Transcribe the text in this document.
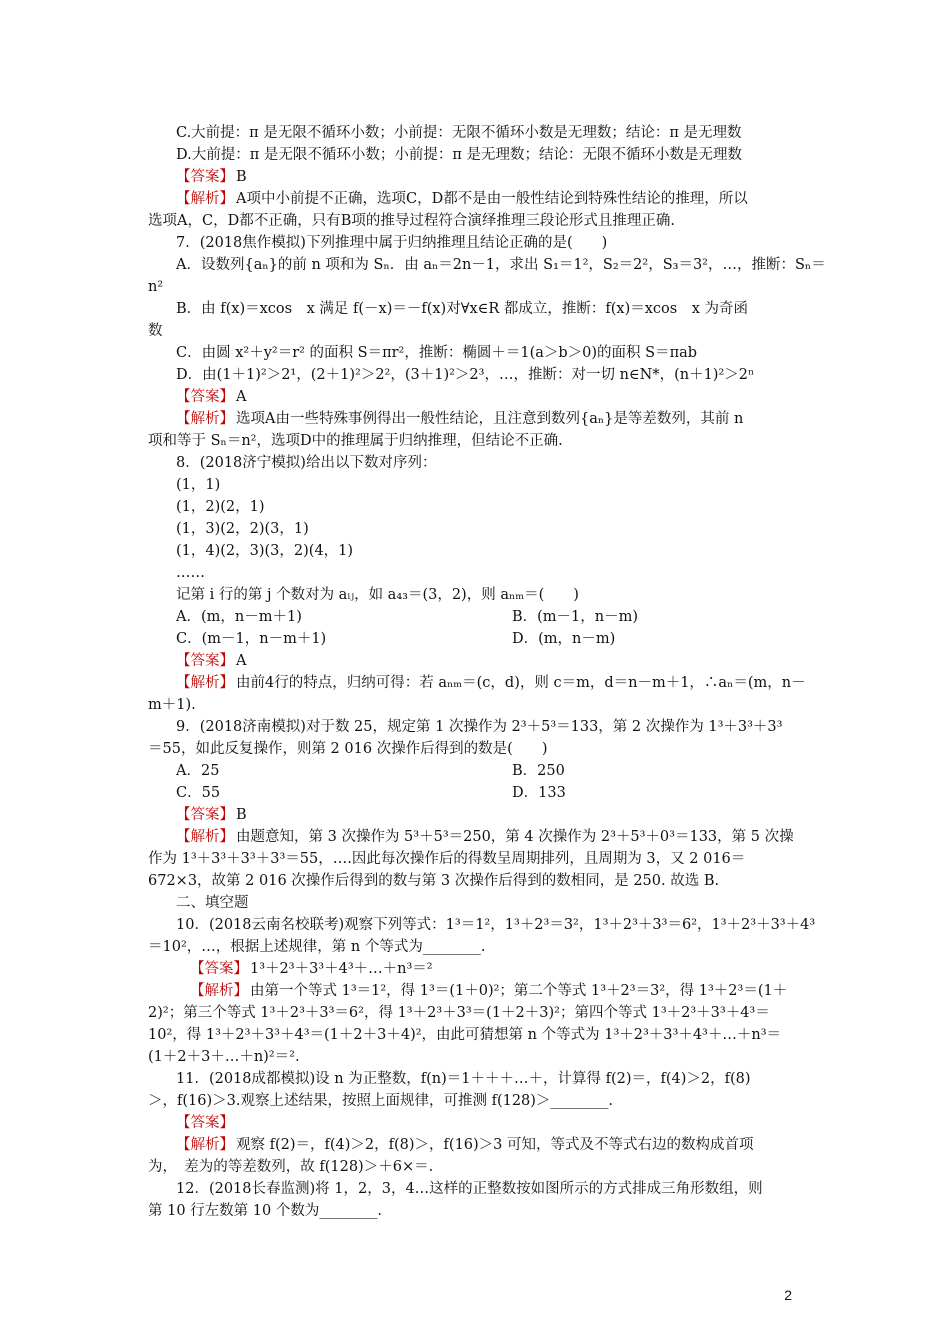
C.大前提：π 是无限不循环小数；小前提：无限不循环小数是无理数；结论：π 是无理数
D.大前提：π 是无限不循环小数；小前提：π 是无理数；结论：无限不循环小数是无理数
【答案】 B
【解析】 A项中小前提不正确，选项C，D都不是由一般性结论到特殊性结论的推理，所以
选项A，C，D都不正确，只有B项的推导过程符合演绎推理三段论形式且推理正确.
7．(2018焦作模拟)下列推理中属于归纳推理且结论正确的是(　　)
A．设数列{aₙ}的前 n 项和为 Sₙ．由 aₙ＝2n－1，求出 S₁＝1²，S₂＝2²，S₃＝3²，…，推断：Sₙ＝
n²
B．由 f(x)＝xcos　x 满足 f(－x)＝－f(x)对∀x∈R 都成立，推断：f(x)＝xcos　x 为奇函
数
C．由圆 x²＋y²＝r² 的面积 S＝πr²，推断：椭圆＋＝1(a＞b＞0)的面积 S＝πab
D．由(1＋1)²＞2¹，(2＋1)²＞2²，(3＋1)²＞2³，…，推断：对一切 n∈N*，(n＋1)²＞2ⁿ
【答案】 A
【解析】 选项A由一些特殊事例得出一般性结论，且注意到数列{aₙ}是等差数列，其前 n
项和等于 Sₙ＝n²，选项D中的推理属于归纳推理，但结论不正确.
8．(2018济宁模拟)给出以下数对序列：
(1，1)
(1，2)(2，1)
(1，3)(2，2)(3，1)
(1，4)(2，3)(3，2)(4，1)
……
记第 i 行的第 j 个数对为 aᵢⱼ，如 a₄₃＝(3，2)，则 aₙₘ＝(　　)
A．(m，n－m＋1)	B．(m－1，n－m)
C．(m－1，n－m＋1)	D．(m，n－m)
【答案】 A
【解析】 由前4行的特点，归纳可得：若 aₙₘ＝(c，d)，则 c＝m，d＝n－m＋1，∴aₙ＝(m，n－
m＋1).
9．(2018济南模拟)对于数 25，规定第 1 次操作为 2³＋5³＝133，第 2 次操作为 1³＋3³＋3³
＝55，如此反复操作，则第 2 016 次操作后得到的数是(　　)
A．25	B．250
C．55	D．133
【答案】 B
【解析】 由题意知，第 3 次操作为 5³＋5³＝250，第 4 次操作为 2³＋5³＋0³＝133，第 5 次操
作为 1³＋3³＋3³＋3³＝55，….因此每次操作后的得数呈周期排列，且周期为 3，又 2 016＝
672×3，故第 2 016 次操作后得到的数与第 3 次操作后得到的数相同，是 250. 故选 B.
二、填空题
10．(2018云南名校联考)观察下列等式：1³＝1²，1³＋2³＝3²，1³＋2³＋3³＝6²，1³＋2³＋3³＋4³
＝10²，…，根据上述规律，第 n 个等式为________.
【答案】 1³＋2³＋3³＋4³＋…＋n³＝²
【解析】 由第一个等式 1³＝1²，得 1³＝(1＋0)²；第二个等式 1³＋2³＝3²，得 1³＋2³＝(1＋
2)²；第三个等式 1³＋2³＋3³＝6²，得 1³＋2³＋3³＝(1＋2＋3)²；第四个等式 1³＋2³＋3³＋4³＝
10²，得 1³＋2³＋3³＋4³＝(1＋2＋3＋4)²，由此可猜想第 n 个等式为 1³＋2³＋3³＋4³＋…＋n³＝
(1＋2＋3＋…＋n)²＝².
11．(2018成都模拟)设 n 为正整数，f(n)＝1＋＋＋…＋，计算得 f(2)＝，f(4)＞2，f(8)
＞，f(16)＞3.观察上述结果，按照上面规律，可推测 f(128)＞________.
【答案】
【解析】 观察 f(2)＝，f(4)＞2，f(8)＞，f(16)＞3 可知，等式及不等式右边的数构成首项
为，　差为的等差数列，故 f(128)＞＋6×＝.
12．(2018长春监测)将 1，2，3，4…这样的正整数按如图所示的方式排成三角形数组，则
第 10 行左数第 10 个数为________.
2
